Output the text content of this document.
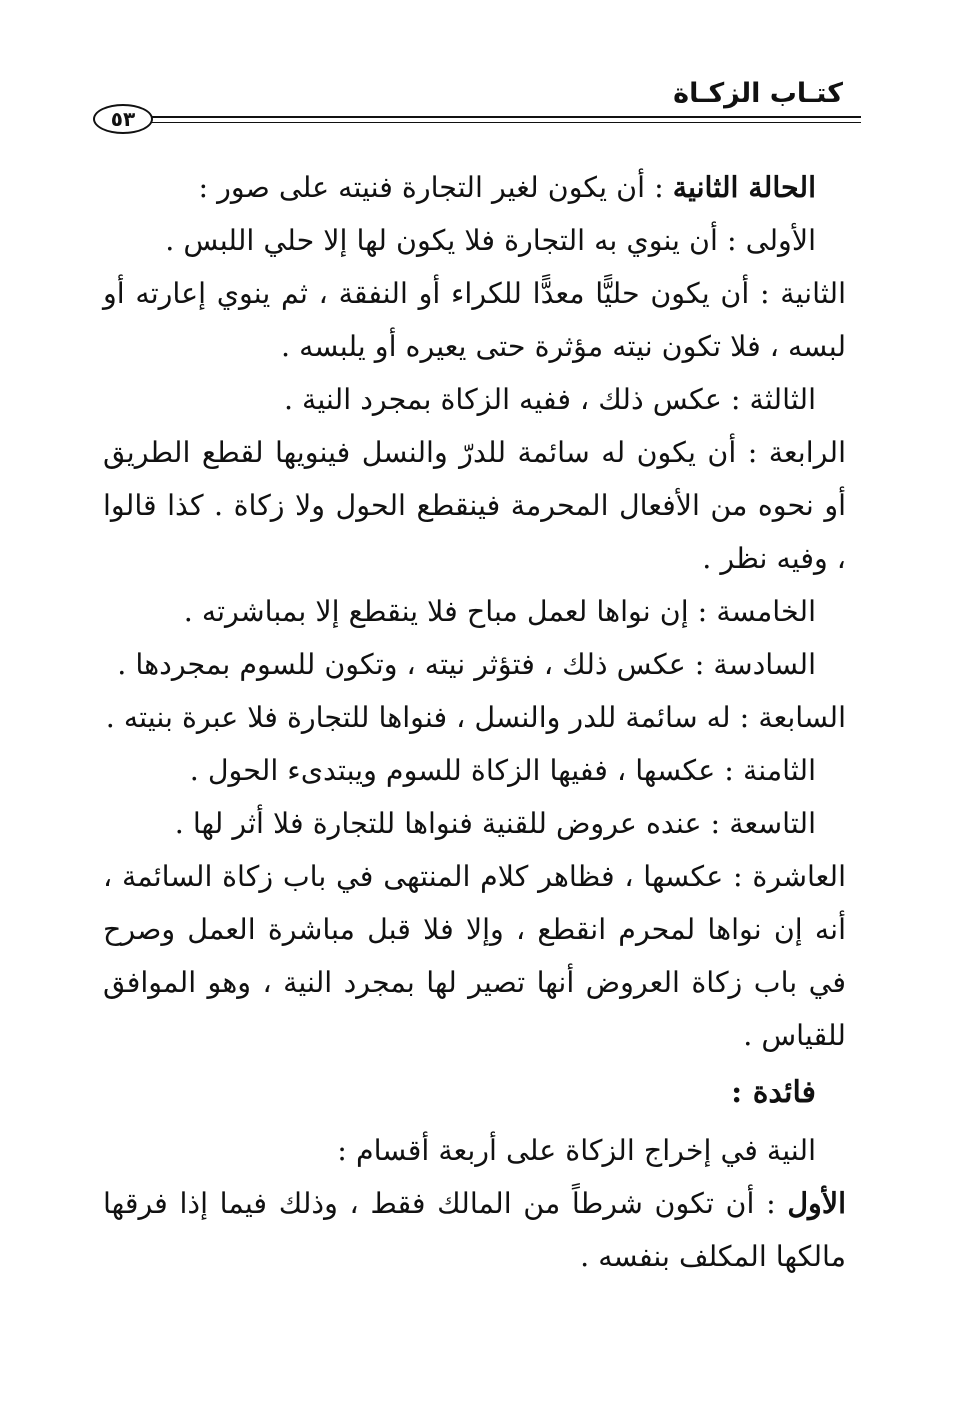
كتـاب الزكـاة
٥٣

الحالة الثانية : أن يكون لغير التجارة فنيته على صور :

الأولى : أن ينوي به التجارة فلا يكون لها إلا حلي اللبس .

الثانية : أن يكون حليًّا معدًّا للكراء أو النفقة ، ثم ينوي إعارته أو لبسه ، فلا تكون نيته مؤثرة حتى يعيره أو يلبسه .

الثالثة : عكس ذلك ، ففيه الزكاة بمجرد النية .

الرابعة : أن يكون له سائمة للدرّ والنسل فينويها لقطع الطريق أو نحوه من الأفعال المحرمة فينقطع الحول ولا زكاة . كذا قالوا ، وفيه نظر .

الخامسة : إن نواها لعمل مباح فلا ينقطع إلا بمباشرته .

السادسة : عكس ذلك ، فتؤثر نيته ، وتكون للسوم بمجردها .

السابعة : له سائمة للدر والنسل ، فنواها للتجارة فلا عبرة بنيته .

الثامنة : عكسها ، ففيها الزكاة للسوم ويبتدىء الحول .

التاسعة : عنده عروض للقنية فنواها للتجارة فلا أثر لها .

العاشرة : عكسها ، فظاهر كلام المنتهى في باب زكاة السائمة ، أنه إن نواها لمحرم انقطع ، وإلا فلا قبل مباشرة العمل وصرح في باب زكاة العروض أنها تصير لها بمجرد النية ، وهو الموافق للقياس .

فائدة :

النية في إخراج الزكاة على أربعة أقسام :

الأول : أن تكون شرطاً من المالك فقط ، وذلك فيما إذا فرقها مالكها المكلف بنفسه .
